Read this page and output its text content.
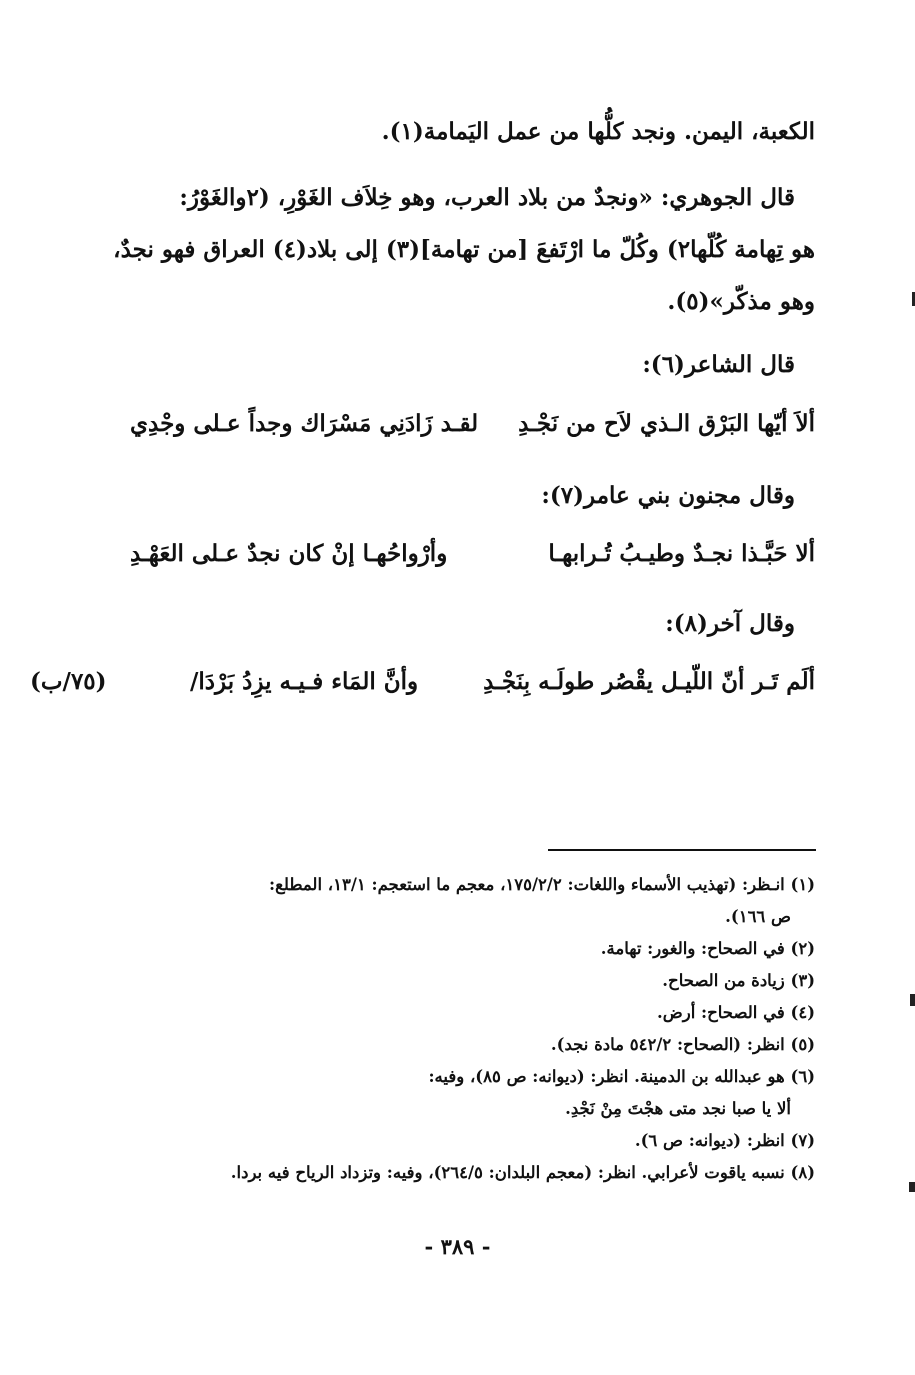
الكعبة، اليمن. ونجد كلُّها من عمل اليَمامة(١).
قال الجوهري: «ونجدٌ من بلاد العرب، وهو خِلاَف الغَوْرِ، (٢والغَوْرُ:
هو تِهامة كُلّها٢) وكُلّ ما ارْتَفعَ [من تهامة](٣) إلى بلاد(٤) العراق فهو نجدٌ،
وهو مذكّر»(٥).
قال الشاعر(٦):
ألاَ أيّها البَرْق الـذي لاَح من نَجْـدِ
لقـد زَادَنِي مَسْرَاك وجداً عـلى وجْدِي
وقال مجنون بني عامر(٧):
ألا حَبَّـذا نجـدٌ وطيـبُ تُـرابهـا
وأرْواحُهـا إنْ كان نجدٌ عـلى العَهْـدِ
وقال آخر(٨):
ألَم تَـر أنّ اللّيـل يقْصُر طولَـه بِنَجْـدِ
وأنَّ المَاء فـيـه يزِدُ بَرْدَا/
(٧٥/ب)
(١) انـظر: (تهذيب الأسماء واللغات: ١٧٥/٢/٢، معجم ما استعجم: ١٣/١، المطلع:
ص ١٦٦).
(٢) في الصحاح: والغور: تهامة.
(٣) زيادة من الصحاح.
(٤) في الصحاح: أرض.
(٥) انظر: (الصحاح: ٥٤٢/٢ مادة نجد).
(٦) هو عبدالله بن الدمينة. انظر: (ديوانه: ص ٨٥)، وفيه:
ألا يا صبا نجد متى هجْتَ مِنْ نَجْدِ.
(٧) انظر: (ديوانه: ص ٦).
(٨) نسبه ياقوت لأعرابي. انظر: (معجم البلدان: ٢٦٤/٥)، وفيه: وتزداد الرياح فيه بردا.
- ٣٨٩ -
